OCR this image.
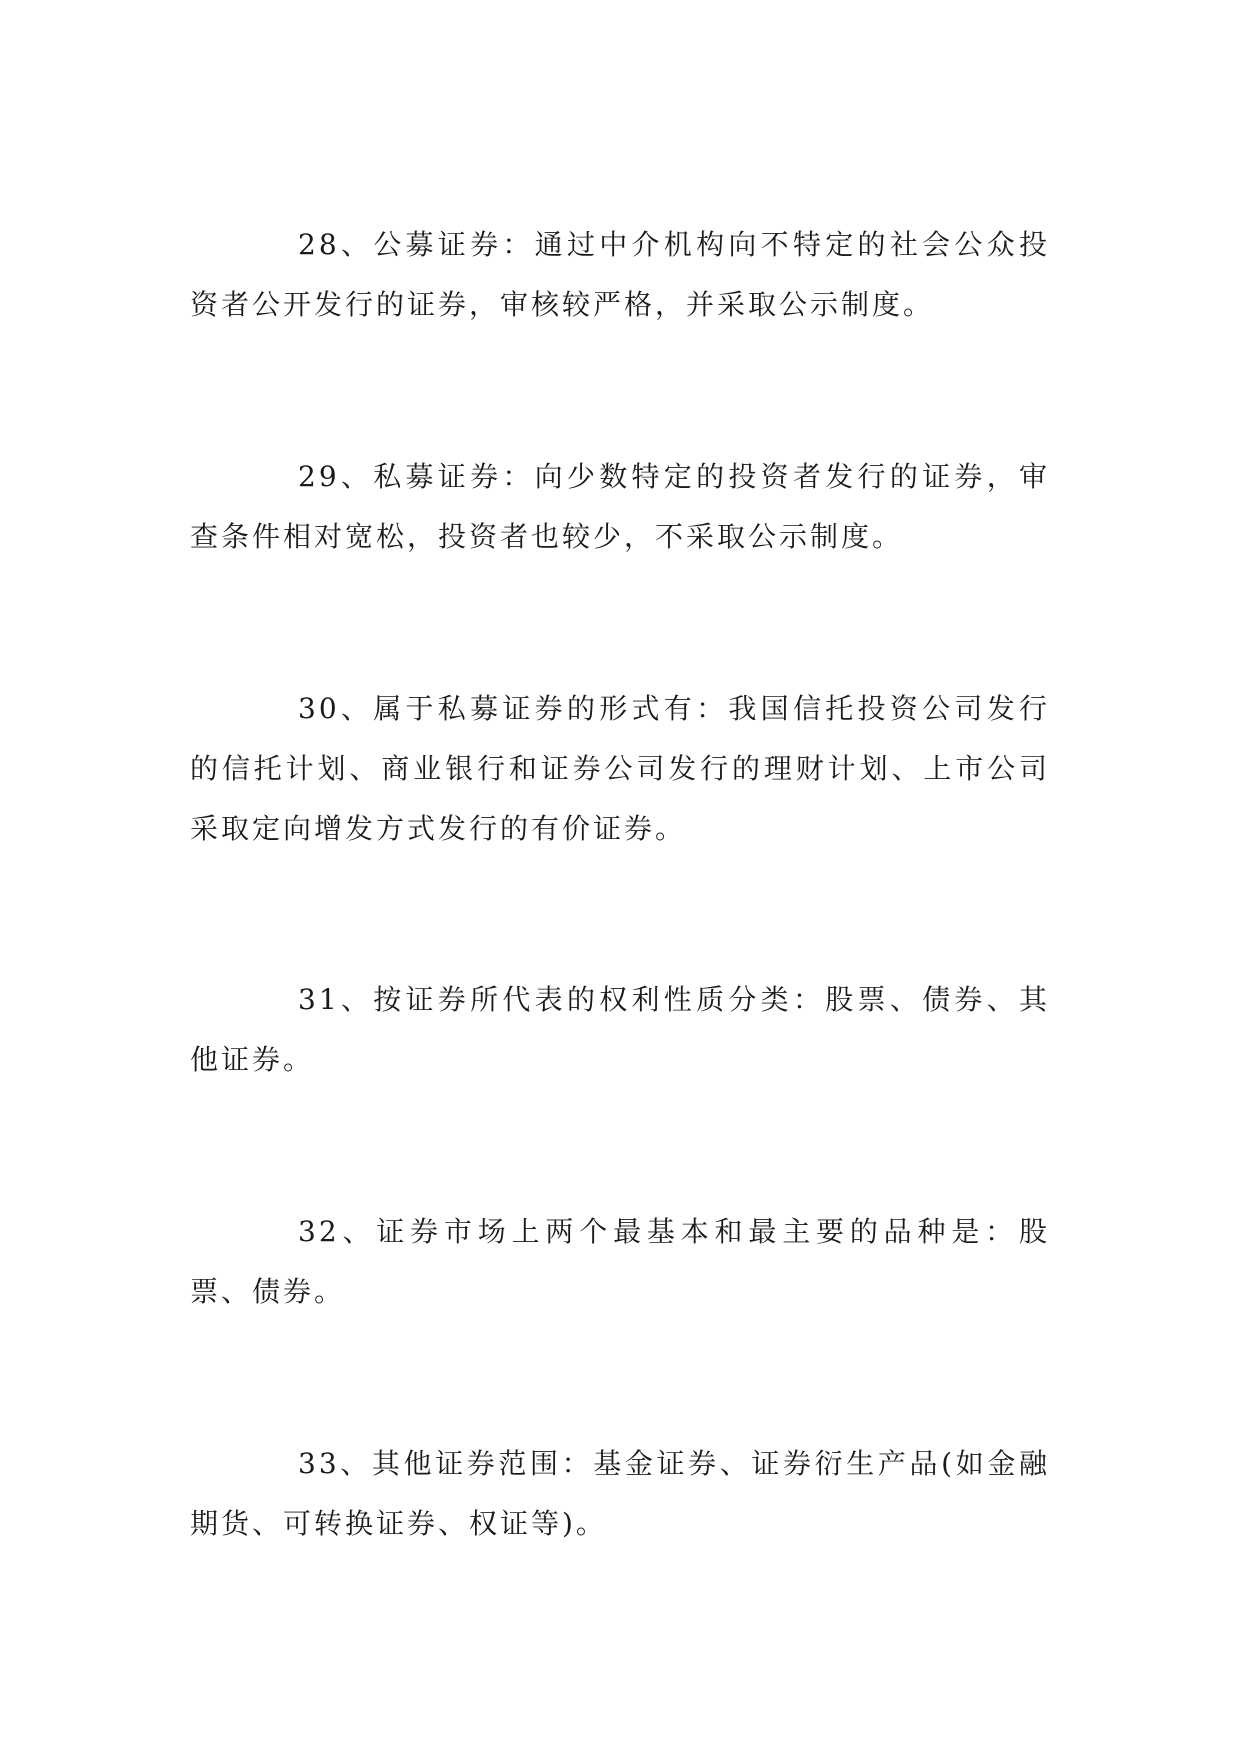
28、公募证券：通过中介机构向不特定的社会公众投资者公开发行的证券，审核较严格，并采取公示制度。

29、私募证券：向少数特定的投资者发行的证券，审查条件相对宽松，投资者也较少，不采取公示制度。

30、属于私募证券的形式有：我国信托投资公司发行的信托计划、商业银行和证券公司发行的理财计划、上市公司采取定向增发方式发行的有价证券。

31、按证券所代表的权利性质分类：股票、债券、其他证券。

32、证券市场上两个最基本和最主要的品种是：股票、债券。

33、其他证券范围：基金证券、证券衍生产品(如金融期货、可转换证券、权证等)。
